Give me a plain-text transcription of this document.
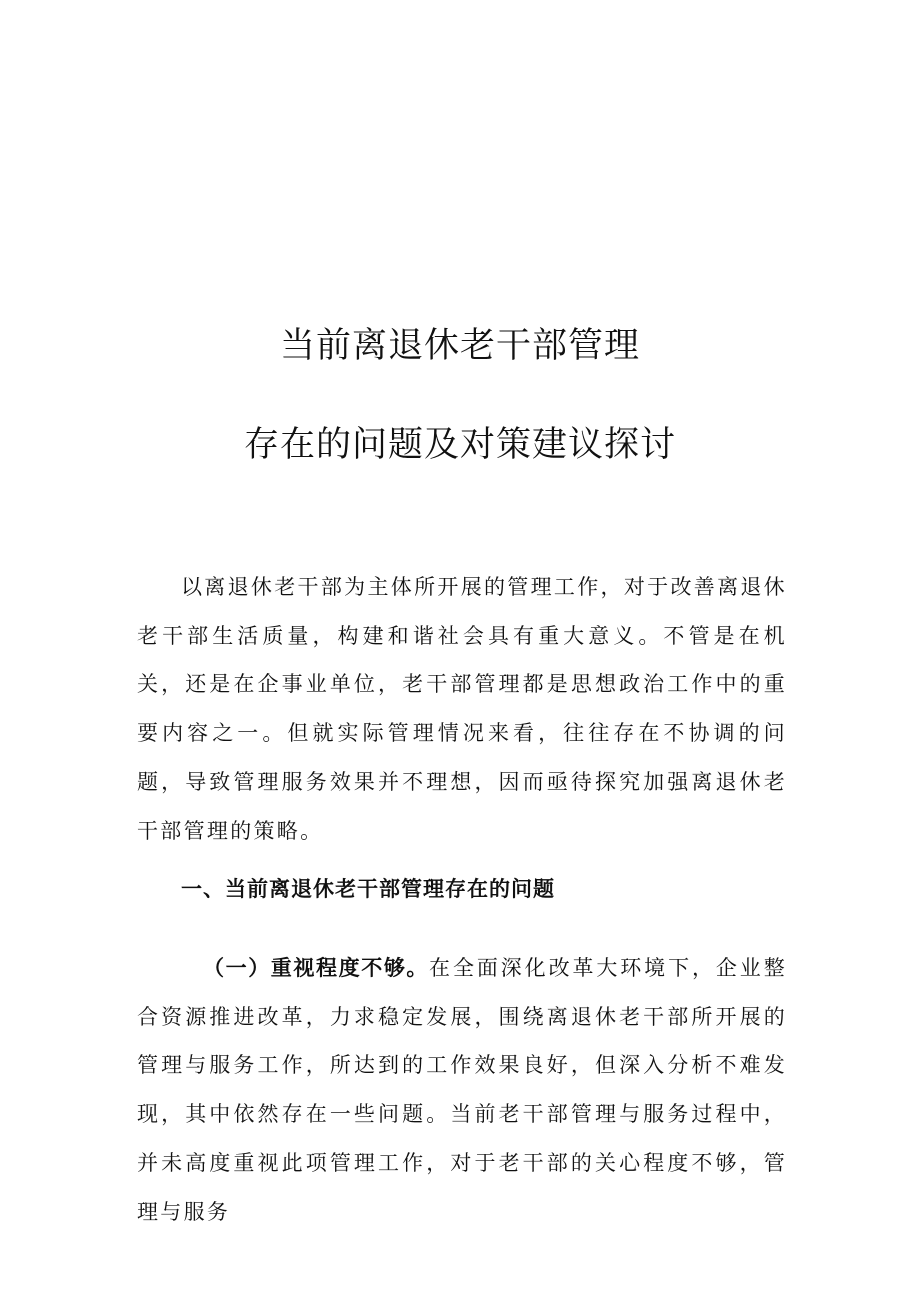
当前离退休老干部管理
存在的问题及对策建议探讨

以离退休老干部为主体所开展的管理工作，对于改善离退休老干部生活质量，构建和谐社会具有重大意义。不管是在机关，还是在企事业单位，老干部管理都是思想政治工作中的重要内容之一。但就实际管理情况来看，往往存在不协调的问题，导致管理服务效果并不理想，因而亟待探究加强离退休老干部管理的策略。

一、当前离退休老干部管理存在的问题

（一）重视程度不够。在全面深化改革大环境下，企业整合资源推进改革，力求稳定发展，围绕离退休老干部所开展的管理与服务工作，所达到的工作效果良好，但深入分析不难发现，其中依然存在一些问题。当前老干部管理与服务过程中，并未高度重视此项管理工作，对于老干部的关心程度不够，管理与服务
